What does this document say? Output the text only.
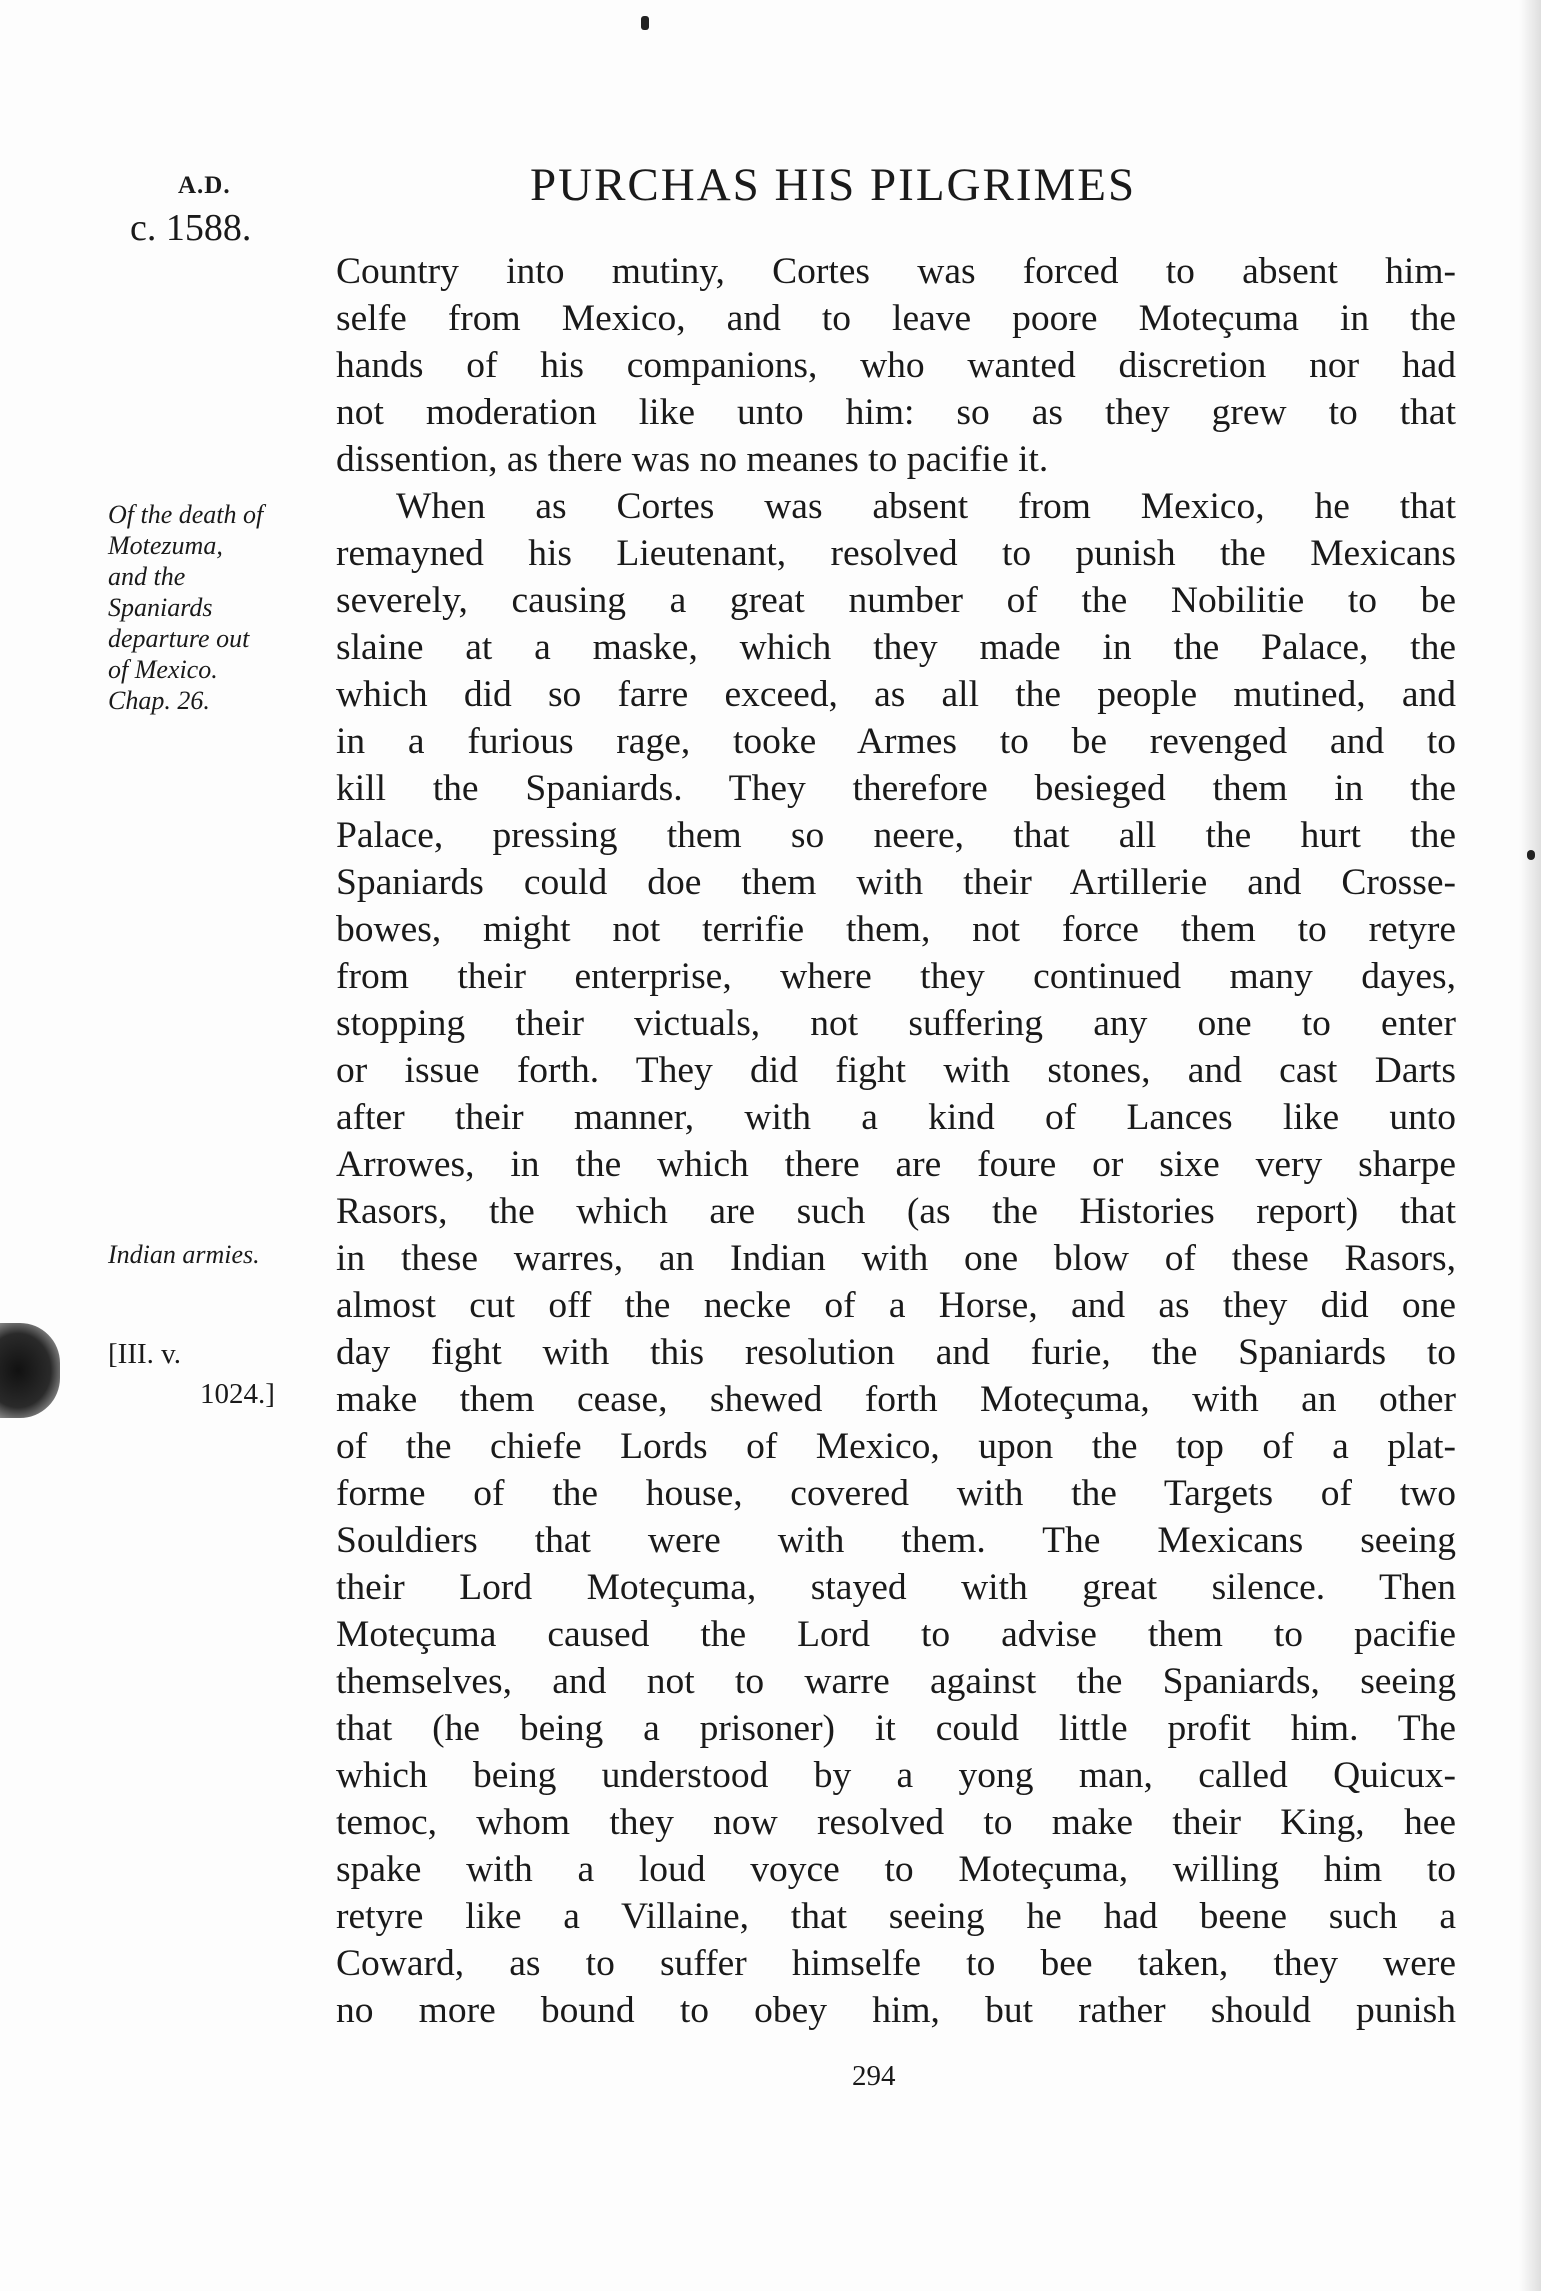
A.D.
c. 1588.
PURCHAS HIS PILGRIMES
Of the death of
Motezuma,
and the
Spaniards
departure out
of Mexico.
Chap. 26.
Indian armies.
[III. v.
1024.]
Country into mutiny, Cortes was forced to absent him-
selfe from Mexico, and to leave poore Moteçuma in the
hands of his companions, who wanted discretion nor had
not moderation like unto him: so as they grew to that
dissention, as there was no meanes to pacifie it.
When as Cortes was absent from Mexico, he that
remayned his Lieutenant, resolved to punish the Mexicans
severely, causing a great number of the Nobilitie to be
slaine at a maske, which they made in the Palace, the
which did so farre exceed, as all the people mutined, and
in a furious rage, tooke Armes to be revenged and to
kill the Spaniards. They therefore besieged them in the
Palace, pressing them so neere, that all the hurt the
Spaniards could doe them with their Artillerie and Crosse-
bowes, might not terrifie them, not force them to retyre
from their enterprise, where they continued many dayes,
stopping their victuals, not suffering any one to enter
or issue forth. They did fight with stones, and cast Darts
after their manner, with a kind of Lances like unto
Arrowes, in the which there are foure or sixe very sharpe
Rasors, the which are such (as the Histories report) that
in these warres, an Indian with one blow of these Rasors,
almost cut off the necke of a Horse, and as they did one
day fight with this resolution and furie, the Spaniards to
make them cease, shewed forth Moteçuma, with an other
of the chiefe Lords of Mexico, upon the top of a plat-
forme of the house, covered with the Targets of two
Souldiers that were with them. The Mexicans seeing
their Lord Moteçuma, stayed with great silence. Then
Moteçuma caused the Lord to advise them to pacifie
themselves, and not to warre against the Spaniards, seeing
that (he being a prisoner) it could little profit him. The
which being understood by a yong man, called Quicux-
temoc, whom they now resolved to make their King, hee
spake with a loud voyce to Moteçuma, willing him to
retyre like a Villaine, that seeing he had beene such a
Coward, as to suffer himselfe to bee taken, they were
no more bound to obey him, but rather should punish
294
